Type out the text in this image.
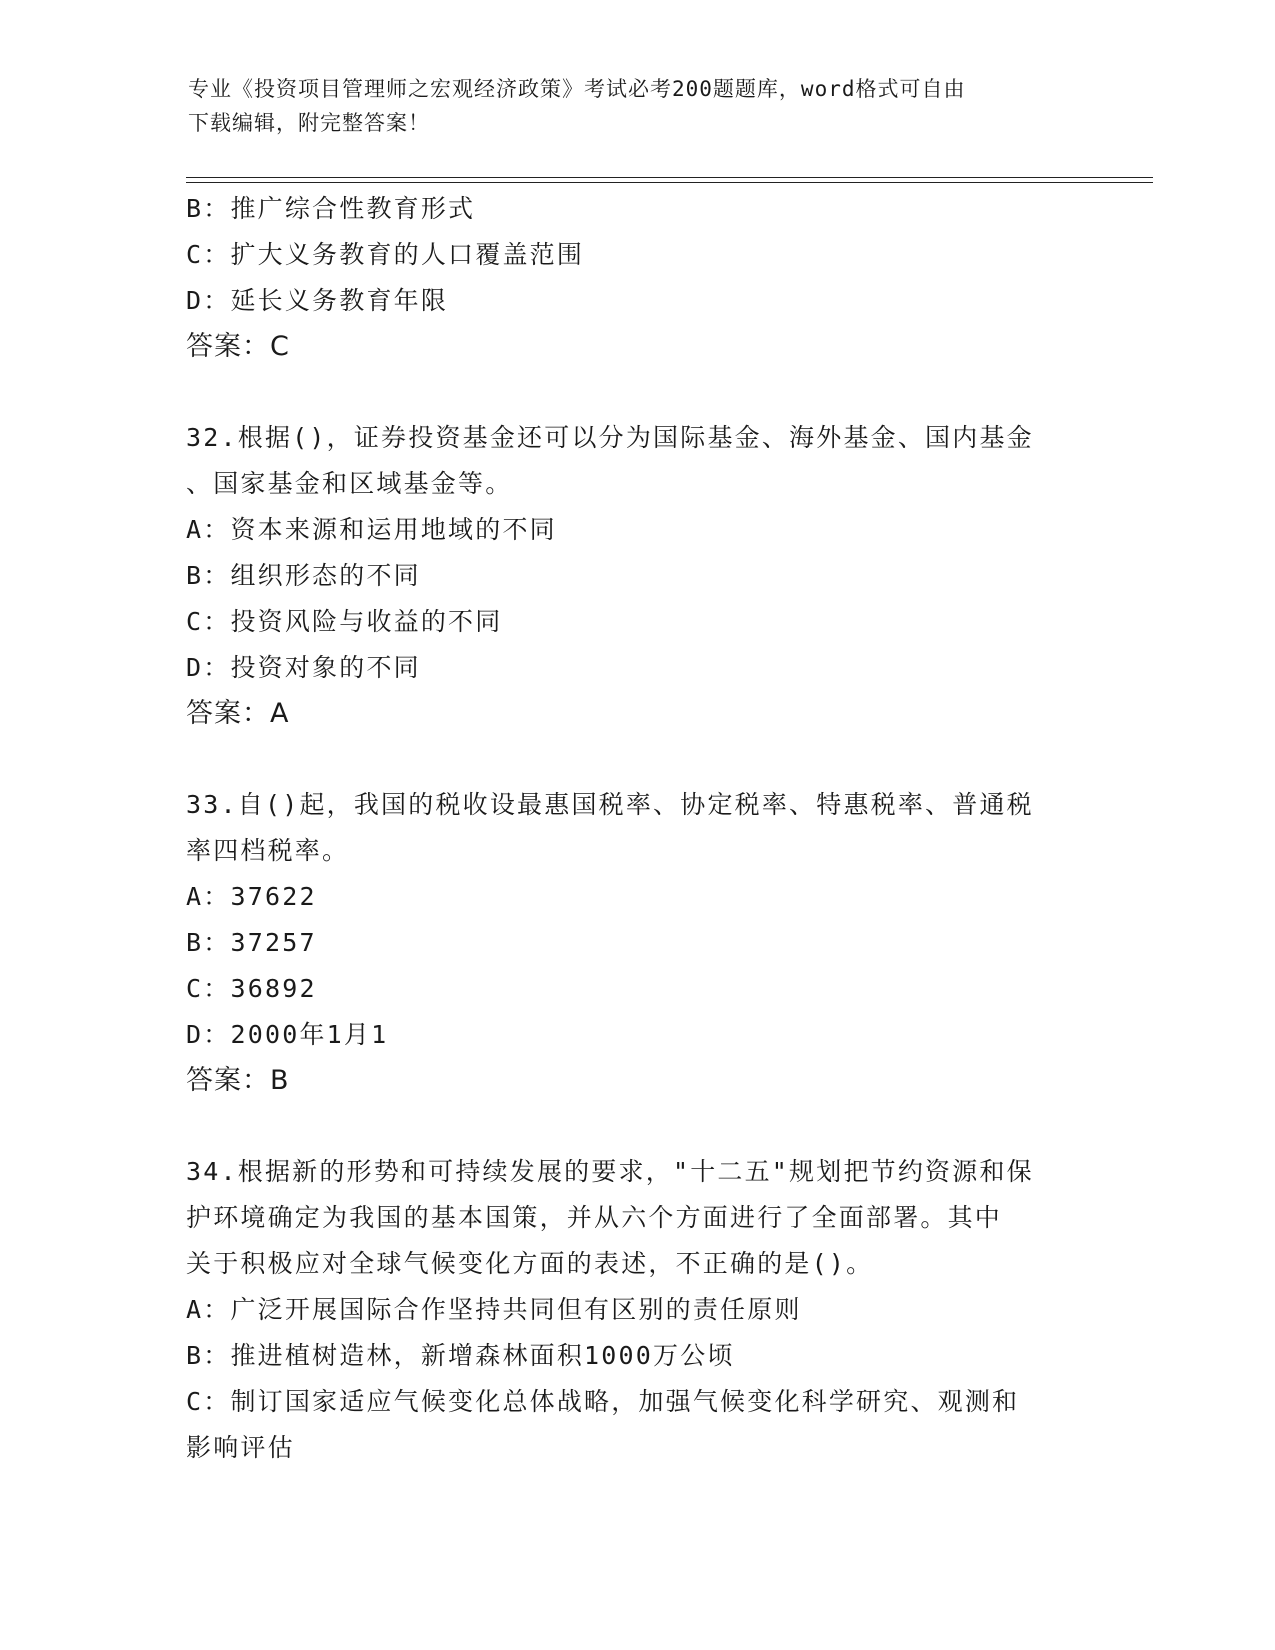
专业《投资项目管理师之宏观经济政策》考试必考200题题库，word格式可自由
下载编辑，附完整答案！
B：推广综合性教育形式
C：扩大义务教育的人口覆盖范围
D：延长义务教育年限
答案：C
32.根据()，证券投资基金还可以分为国际基金、海外基金、国内基金
、国家基金和区域基金等。
A：资本来源和运用地域的不同
B：组织形态的不同
C：投资风险与收益的不同
D：投资对象的不同
答案：A
33.自()起，我国的税收设最惠国税率、协定税率、特惠税率、普通税
率四档税率。
A：37622
B：37257
C：36892
D：2000年1月1
答案：B
34.根据新的形势和可持续发展的要求，"十二五"规划把节约资源和保
护环境确定为我国的基本国策，并从六个方面进行了全面部署。其中
关于积极应对全球气候变化方面的表述，不正确的是()。
A：广泛开展国际合作坚持共同但有区别的责任原则
B：推进植树造林，新增森林面积1000万公顷
C：制订国家适应气候变化总体战略，加强气候变化科学研究、观测和
影响评估
